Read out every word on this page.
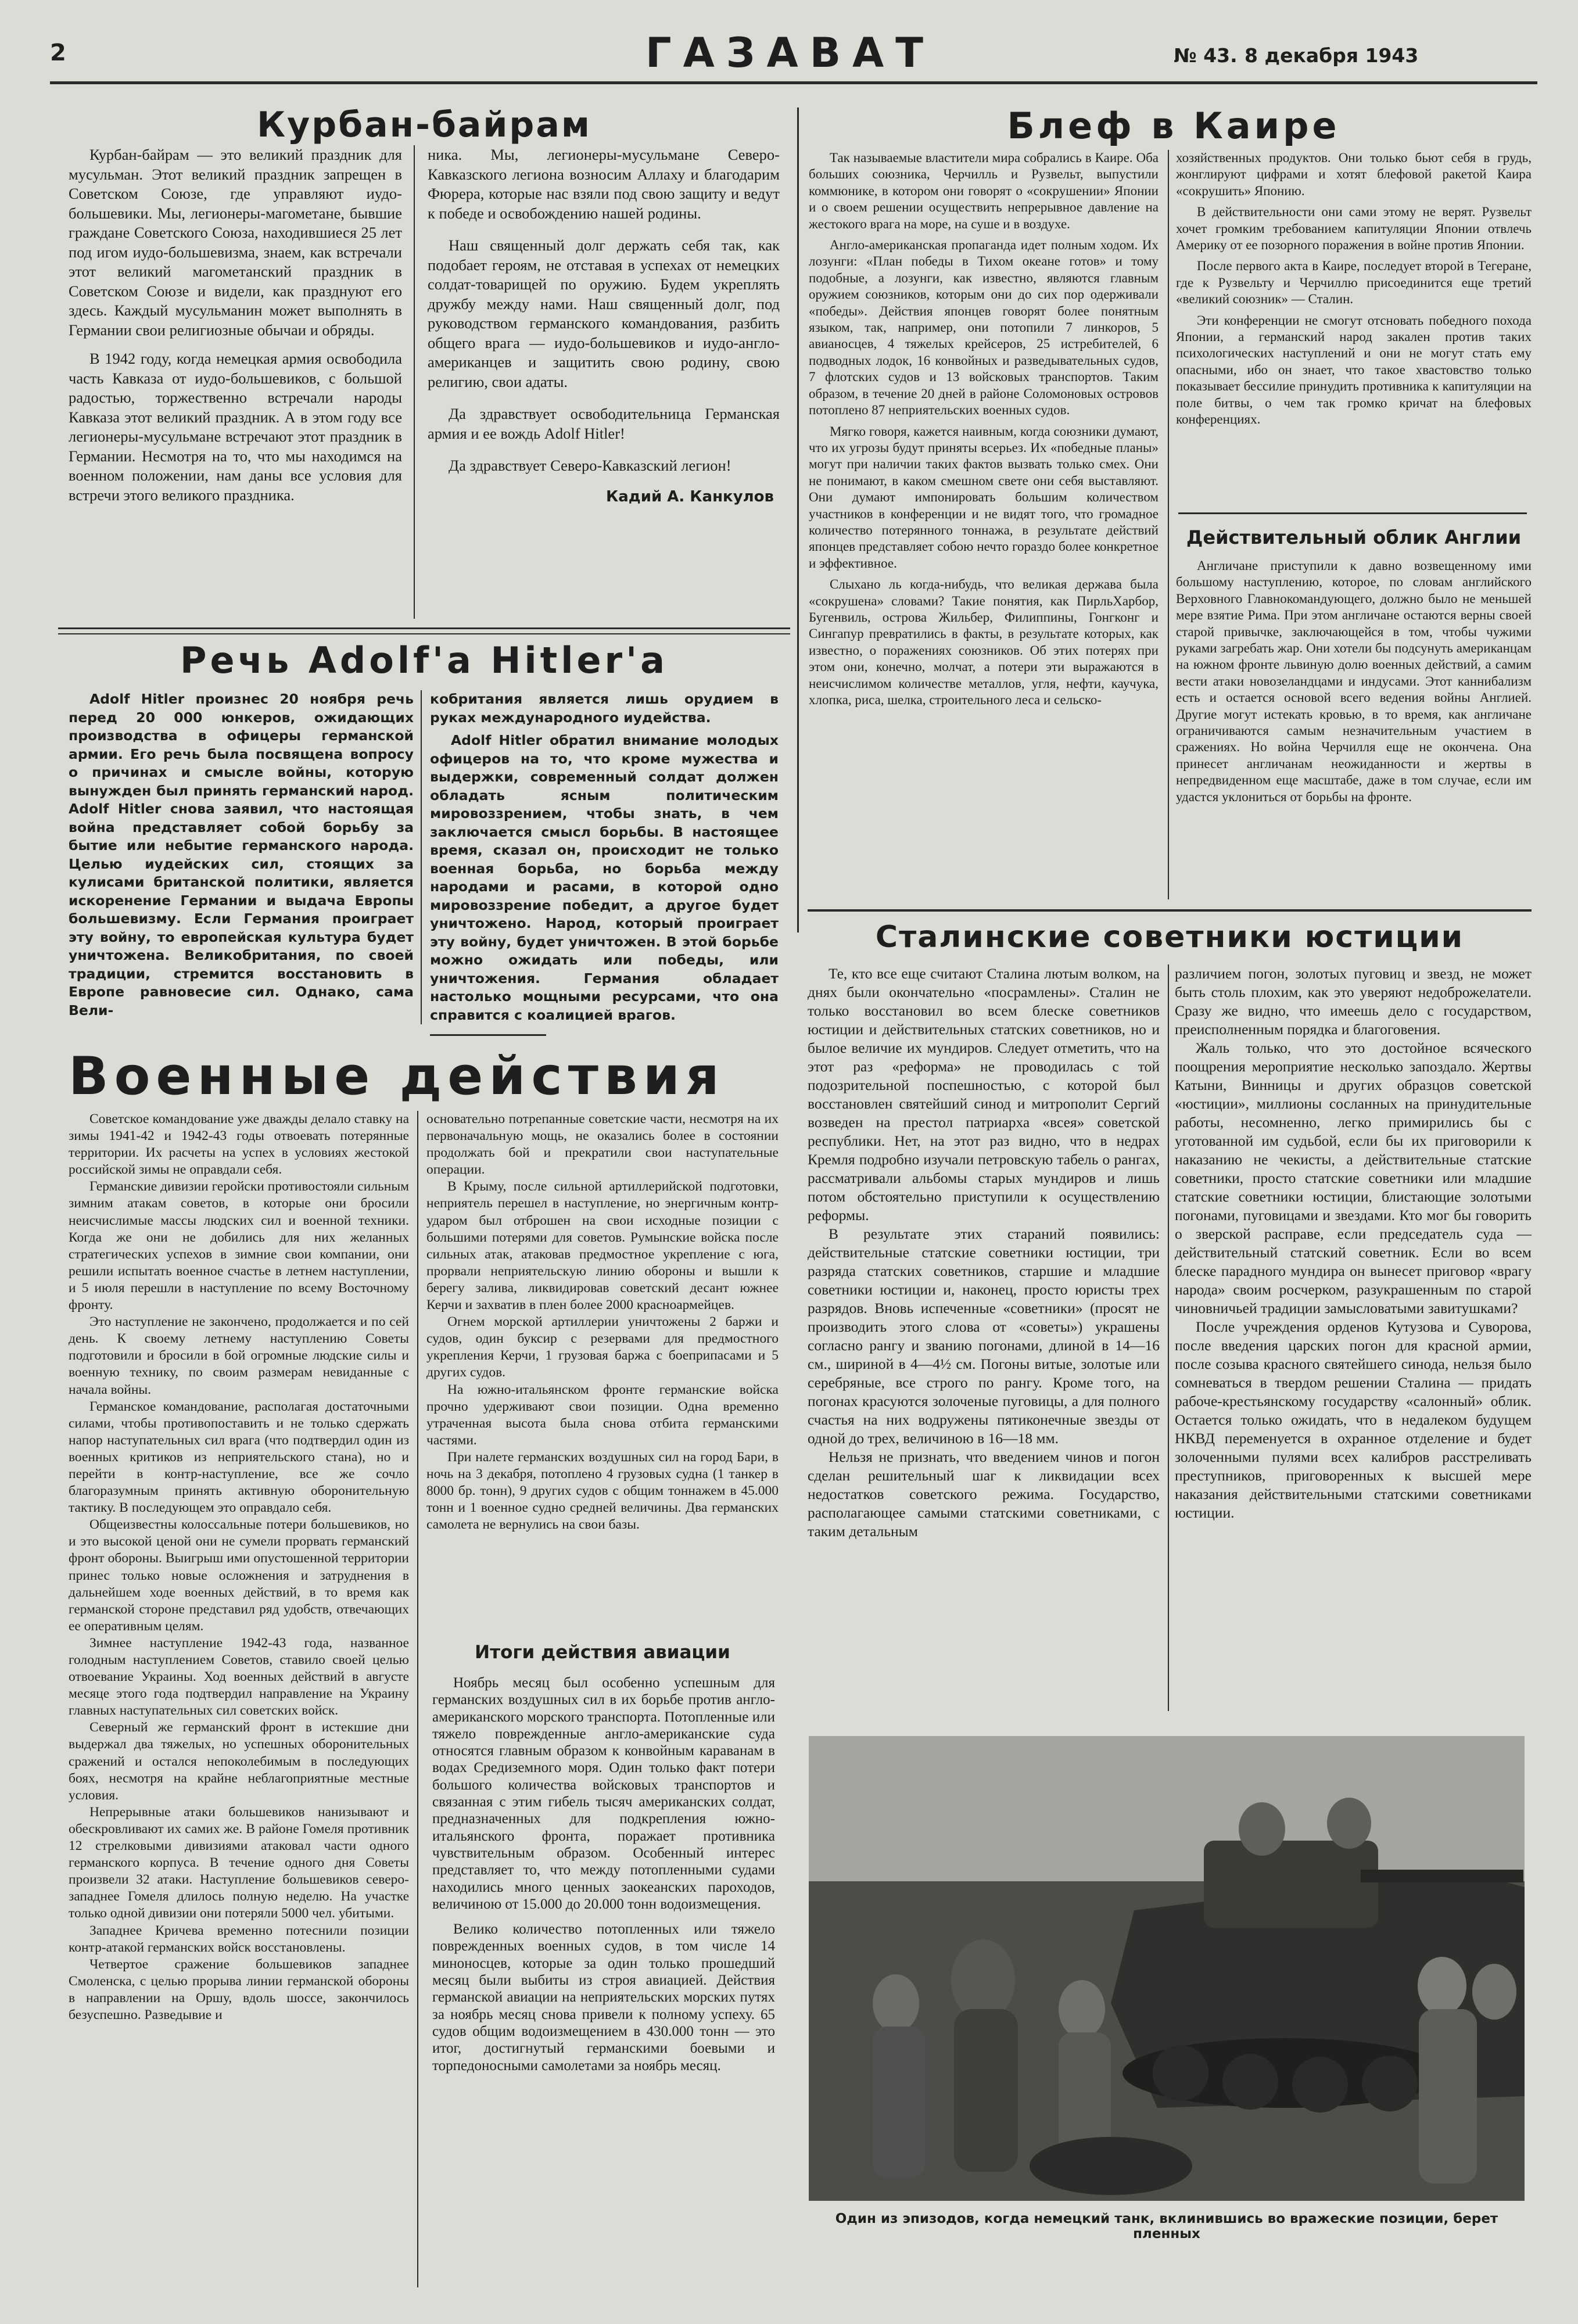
2	ГАЗАВАТ	№ 43. 8 декабря 1943
Курбан-байрам

Курбан-байрам — это великий праздник для мусульман. Этот великий праздник запрещен в Советском Союзе, где управляют иудо-большевики. Мы, легионеры-магометане, бывшие граждане Советского Союза, находившиеся 25 лет под игом иудо-большевизма, знаем, как встречали этот великий магометанский праздник в Советском Союзе и видели, как празднуют его здесь. Каждый мусульманин может выполнять в Германии свои религиозные обычаи и обряды.

В 1942 году, когда немецкая армия освободила часть Кавказа от иудо-большевиков, с большой радостью, торжественно встречали народы Кавказа этот великий праздник. А в этом году все легионеры-мусульмане встречают этот праздник в Германии. Несмотря на то, что мы находимся на военном положении, нам даны все условия для встречи этого великого праздника.

ника. Мы, легионеры-мусульмане Северо-Кавказского легиона возносим Аллаху и благодарим Фюрера, которые нас взяли под свою защиту и ведут к победе и освобождению нашей родины.

Наш священный долг держать себя так, как подобает героям, не отставая в успехах от немецких солдат-товарищей по оружию. Будем укреплять дружбу между нами. Наш священный долг, под руководством германского командования, разбить общего врага — иудо-большевиков и иудо-англо-американцев и защитить свою родину, свою религию, свои адаты.

Да здравствует освободительница Германская армия и ее вождь Adolf Hitler!

Да здравствует Северо-Кавказский легион!

Кадий А. Канкулов
Речь Adolf'a Hitler'a

Adolf Hitler произнес 20 ноября речь перед 20 000 юнкеров, ожидающих производства в офицеры германской армии. Его речь была посвящена вопросу о причинах и смысле войны, которую вынужден был принять германский народ. Adolf Hitler снова заявил, что настоящая война представляет собой борьбу за бытие или небытие германского народа. Целью иудейских сил, стоящих за кулисами британской политики, является искоренение Германии и выдача Европы большевизму. Если Германия проиграет эту войну, то европейская культура будет уничтожена. Великобритания, по своей традиции, стремится восстановить в Европе равновесие сил. Однако, сама Вели-

кобритания является лишь орудием в руках международного иудейства.

Adolf Hitler обратил внимание молодых офицеров на то, что кроме мужества и выдержки, современный солдат должен обладать ясным политическим мировоззрением, чтобы знать, в чем заключается смысл борьбы. В настоящее время, сказал он, происходит не только военная борьба, но борьба между народами и расами, в которой одно мировоззрение победит, а другое будет уничтожено. Народ, который проиграет эту войну, будет уничтожен. В этой борьбе можно ожидать или победы, или уничтожения. Германия обладает настолько мощными ресурсами, что она справится с коалицией врагов.

Военные действия

Советское командование уже дважды делало ставку на зимы 1941-42 и 1942-43 годы отвоевать потерянные территории. Их расчеты на успех в условиях жестокой российской зимы не оправдали себя.

Германские дивизии геройски противостояли сильным зимним атакам советов, в которые они бросили неисчислимые массы людских сил и военной техники. Когда же они не добились для них желанных стратегических успехов в зимние свои компании, они решили испытать военное счастье в летнем наступлении, и 5 июля перешли в наступление по всему Восточному фронту.

Это наступление не закончено, продолжается и по сей день. К своему летнему наступлению Советы подготовили и бросили в бой огромные людские силы и военную технику, по своим размерам невиданные с начала войны.

Германское командование, располагая достаточными силами, чтобы противопоставить и не только сдержать напор наступательных сил врага (что подтвердил один из военных критиков из неприятельского стана), но и перейти в контр-наступление, все же сочло благоразумным принять активную оборонительную тактику. В последующем это оправдало себя.

Общеизвестны колоссальные потери большевиков, но и это высокой ценой они не сумели прорвать германский фронт обороны. Выигрыш ими опустошенной территории принес только новые осложнения и затруднения в дальнейшем ходе военных действий, в то время как германской стороне представил ряд удобств, отвечающих ее оперативным целям.

Зимнее наступление 1942-43 года, названное голодным наступлением Советов, ставило своей целью отвоевание Украины. Ход военных действий в августе месяце этого года подтвердил направление на Украину главных наступательных сил советских войск.

Северный же германский фронт в истекшие дни выдержал два тяжелых, но успешных оборонительных сражений и остался непоколебимым в последующих боях, несмотря на крайне неблагоприятные местные условия.

Непрерывные атаки большевиков нанизывают и обескровливают их самих же. В районе Гомеля противник 12 стрелковыми дивизиями атаковал части одного германского корпуса. В течение одного дня Советы произвели 32 атаки. Наступление большевиков северо-западнее Гомеля длилось полную неделю. На участке только одной дивизии они потеряли 5000 чел. убитыми.

Западнее Кричева временно потеснили позиции контр-атакой германских войск восстановлены.

Четвертое сражение большевиков западнее Смоленска, с целью прорыва линии германской обороны в направлении на Оршу, вдоль шоссе, закончилось безуспешно. Разведывие и

основательно потрепанные советские части, несмотря на их первоначальную мощь, не оказались более в состоянии продолжать бой и прекратили свои наступательные операции.

В Крыму, после сильной артиллерийской подготовки, неприятель перешел в наступление, но энергичным контр-ударом был отброшен на свои исходные позиции с большими потерями для советов. Румынские войска после сильных атак, атаковав предмостное укрепление с юга, прорвали неприятельскую линию обороны и вышли к берегу залива, ликвидировав советский десант южнее Керчи и захватив в плен более 2000 красноармейцев.

Огнем морской артиллерии уничтожены 2 баржи и судов, один буксир с резервами для предмостного укрепления Керчи, 1 грузовая баржа с боеприпасами и 5 других судов.

На южно-итальянском фронте германские войска прочно удерживают свои позиции. Одна временно утраченная высота была снова отбита германскими частями.

При налете германских воздушных сил на город Бари, в ночь на 3 декабря, потоплено 4 грузовых судна (1 танкер в 8000 бр. тонн), 9 других судов с общим тоннажем в 45.000 тонн и 1 военное судно средней величины. Два германских самолета не вернулись на свои базы.

Итоги действия авиации

Ноябрь месяц был особенно успешным для германских воздушных сил в их борьбе против англо-американского морского транспорта. Потопленные или тяжело поврежденные англо-американские суда относятся главным образом к конвойным караванам в водах Средиземного моря. Один только факт потери большого количества войсковых транспортов и связанная с этим гибель тысяч американских солдат, предназначенных для подкрепления южно-итальянского фронта, поражает противника чувствительным образом. Особенный интерес представляет то, что между потопленными судами находились много ценных заокеанских пароходов, величиною от 15.000 до 20.000 тонн водоизмещения.

Велико количество потопленных или тяжело поврежденных военных судов, в том числе 14 миноносцев, которые за один только прошедший месяц были выбиты из строя авиацией. Действия германской авиации на неприятельских морских путях за ноябрь месяц снова привели к полному успеху. 65 судов общим водоизмещением в 430.000 тонн — это итог, достигнутый германскими боевыми и торпедоносными самолетами за ноябрь месяц.

Блеф в Каире

Так называемые властители мира собрались в Каире. Оба больших союзника, Черчилль и Рузвельт, выпустили коммюнике, в котором они говорят о «сокрушении» Японии и о своем решении осуществить непрерывное давление на жестокого врага на море, на суше и в воздухе.

Англо-американская пропаганда идет полным ходом. Их лозунги: «План победы в Тихом океане готов» и тому подобные, а лозунги, как известно, являются главным оружием союзников, которым они до сих пор одерживали «победы». Действия японцев говорят более понятным языком, так, например, они потопили 7 линкоров, 5 авианосцев, 4 тяжелых крейсеров, 25 истребителей, 6 подводных лодок, 16 конвойных и разведывательных судов, 7 флотских судов и 13 войсковых транспортов. Таким образом, в течение 20 дней в районе Соломоновых островов потоплено 87 неприятельских военных судов.

Мягко говоря, кажется наивным, когда союзники думают, что их угрозы будут приняты всерьез. Их «победные планы» могут при наличии таких фактов вызвать только смех. Они не понимают, в каком смешном свете они себя выставляют. Они думают импонировать большим количеством участников в конференции и не видят того, что громадное количество потерянного тоннажа, в результате действий японцев представляет собою нечто гораздо более конкретное и эффективное.

Слыхано ль когда-нибудь, что великая держава была «сокрушена» словами? Такие понятия, как ПирльХарбор, Бугенвиль, острова Жильбер, Филиппины, Гонгконг и Сингапур превратились в факты, в результате которых, как известно, о поражениях союзников. Об этих потерях при этом они, конечно, молчат, а потери эти выражаются в неисчислимом количестве металлов, угля, нефти, каучука, хлопка, риса, шелка, строительного леса и сельско-

хозяйственных продуктов. Они только бьют себя в грудь, жонглируют цифрами и хотят блефовой ракетой Каира «сокрушить» Японию.

В действительности они сами этому не верят. Рузвельт хочет громким требованием капитуляции Японии отвлечь Америку от ее позорного поражения в войне против Японии.

После первого акта в Каире, последует второй в Тегеране, где к Рузвельту и Черчиллю присоединится еще третий «великий союзник» — Сталин.

Эти конференции не смогут отсновать победного похода Японии, а германский народ закален против таких психологических наступлений и они не могут стать ему опасными, ибо он знает, что такое хвастовство только показывает бессилие принудить противника к капитуляции на поле битвы, о чем так громко кричат на блефовых конференциях.

Действительный облик Англии

Англичане приступили к давно возвещенному ими большому наступлению, которое, по словам английского Верховного Главнокомандующего, должно было не меньшей мере взятие Рима. При этом англичане остаются верны своей старой привычке, заключающейся в том, чтобы чужими руками загребать жар. Они хотели бы подсунуть американцам на южном фронте львиную долю военных действий, а самим вести атаки новозеландцами и индусами. Этот каннибализм есть и остается основой всего ведения войны Англией. Другие могут истекать кровью, в то время, как англичане ограничиваются самым незначительным участием в сражениях. Но война Черчилля еще не окончена. Она принесет англичанам неожиданности и жертвы в непредвиденном еще масштабе, даже в том случае, если им удастся уклониться от борьбы на фронте.

Сталинские советники юстиции

Те, кто все еще считают Сталина лютым волком, на днях были окончательно «посрамлены». Сталин не только восстановил во всем блеске советников юстиции и действительных статских советников, но и былое величие их мундиров. Следует отметить, что на этот раз «реформа» не проводилась с той подозрительной поспешностью, с которой был восстановлен святейший синод и митрополит Сергий возведен на престол патриарха «всея» советской республики. Нет, на этот раз видно, что в недрах Кремля подробно изучали петровскую табель о рангах, рассматривали альбомы старых мундиров и лишь потом обстоятельно приступили к осуществлению реформы.

В результате этих стараний появились: действительные статские советники юстиции, три разряда статских советников, старшие и младшие советники юстиции и, наконец, просто юристы трех разрядов. Вновь испеченные «советники» (просят не производить этого слова от «советы») украшены согласно рангу и званию погонами, длиной в 14—16 см., шириной в 4—4½ см. Погоны витые, золотые или серебряные, все строго по рангу. Кроме того, на погонах красуются золоченые пуговицы, а для полного счастья на них водружены пятиконечные звезды от одной до трех, величиною в 16—18 мм.

Нельзя не признать, что введением чинов и погон сделан решительный шаг к ликвидации всех недостатков советского режима. Государство, располагающее самыми статскими советниками, с таким детальным

различием погон, золотых пуговиц и звезд, не может быть столь плохим, как это уверяют недоброжелатели. Сразу же видно, что имеешь дело с государством, преисполненным порядка и благоговения.

Жаль только, что это достойное всяческого поощрения мероприятие несколько запоздало. Жертвы Катыни, Винницы и других образцов советской «юстиции», миллионы сосланных на принудительные работы, несомненно, легко примирились бы с уготованной им судьбой, если бы их приговорили к наказанию не чекисты, а действительные статские советники, просто статские советники или младшие статские советники юстиции, блистающие золотыми погонами, пуговицами и звездами. Кто мог бы говорить о зверской расправе, если председатель суда — действительный статский советник. Если во всем блеске парадного мундира он вынесет приговор «врагу народа» своим росчерком, разукрашенным по старой чиновничьей традиции замысловатыми завитушками?

После учреждения орденов Кутузова и Суворова, после введения царских погон для красной армии, после созыва красного святейшего синода, нельзя было сомневаться в твердом решении Сталина — придать рабоче-крестьянскому государству «салонный» облик. Остается только ожидать, что в недалеком будущем НКВД переменуется в охранное отделение и будет золоченными пулями всех калибров расстреливать преступников, приговоренных к высшей мере наказания действительными статскими советниками юстиции.

Один из эпизодов, когда немецкий танк, вклинившись во вражеские позиции, берет пленных
